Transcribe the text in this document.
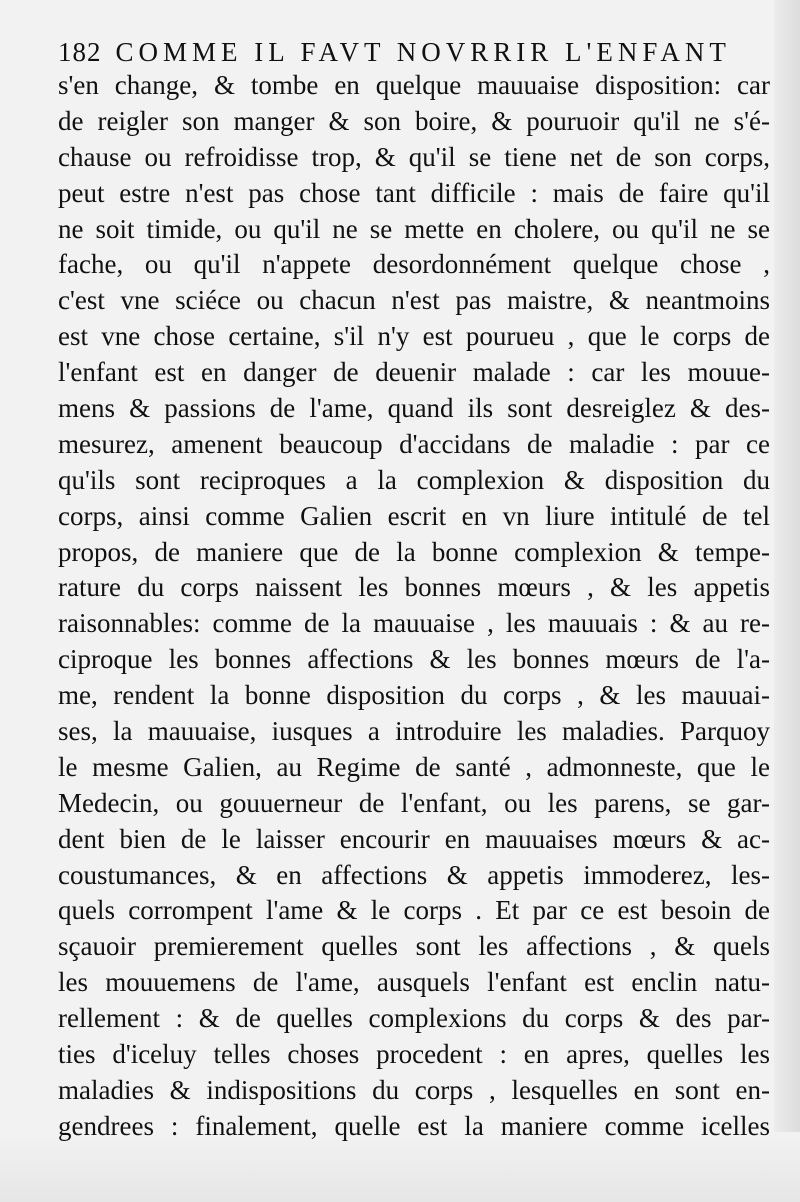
182 COMME IL FAVT NOVRRIR L'ENFANT
s'en change, & tombe en quelque mauuaise disposition: car
de reigler son manger & son boire, & pouruoir qu'il ne s'é-
chause ou refroidisse trop, & qu'il se tiene net de son corps,
peut estre n'est pas chose tant difficile : mais de faire qu'il
ne soit timide, ou qu'il ne se mette en cholere, ou qu'il ne se
fache, ou qu'il n'appete desordonnément quelque chose ,
c'est vne sciéce ou chacun n'est pas maistre, & neantmoins
est vne chose certaine, s'il n'y est pourueu , que le corps de
l'enfant est en danger de deuenir malade : car les mouue-
mens & passions de l'ame, quand ils sont desreiglez & des-
mesurez, amenent beaucoup d'accidans de maladie : par ce
qu'ils sont reciproques a la complexion & disposition du
corps, ainsi comme Galien escrit en vn liure intitulé de tel
propos, de maniere que de la bonne complexion & tempe-
rature du corps naissent les bonnes mœurs , & les appetis
raisonnables: comme de la mauuaise , les mauuais : & au re-
ciproque les bonnes affections & les bonnes mœurs de l'a-
me, rendent la bonne disposition du corps , & les mauuai-
ses, la mauuaise, iusques a introduire les maladies. Parquoy
le mesme Galien, au Regime de santé , admonneste, que le
Medecin, ou gouuerneur de l'enfant, ou les parens, se gar-
dent bien de le laisser encourir en mauuaises mœurs & ac-
coustumances, & en affections & appetis immoderez, les-
quels corrompent l'ame & le corps . Et par ce est besoin de
sçauoir premierement quelles sont les affections , & quels
les mouuemens de l'ame, ausquels l'enfant est enclin natu-
rellement : & de quelles complexions du corps & des par-
ties d'iceluy telles choses procedent : en apres, quelles les
maladies & indispositions du corps , lesquelles en sont en-
gendrees : finalement, quelle est la maniere comme icelles
